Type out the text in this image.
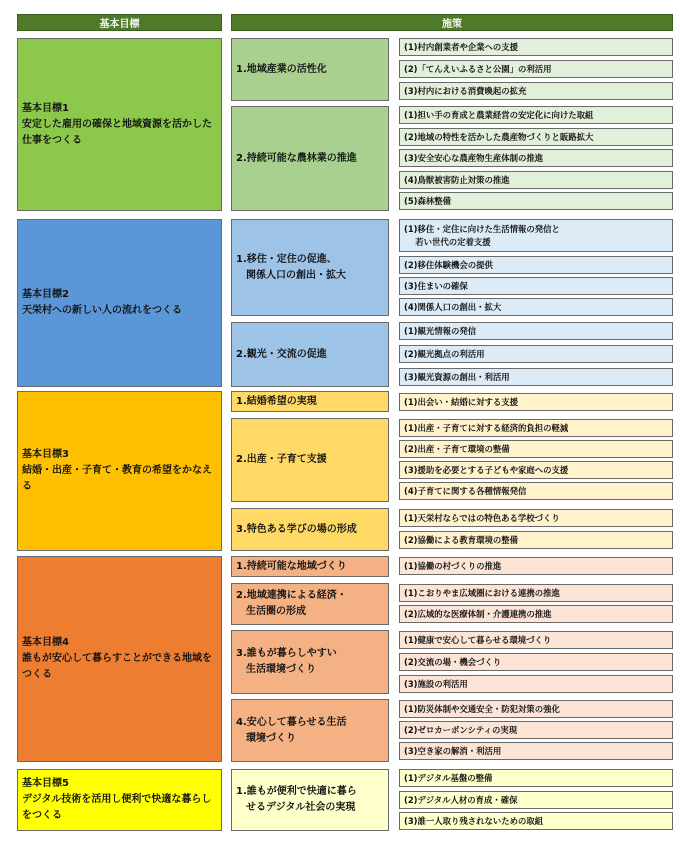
基本目標	施策
基本目標1
安定した雇用の確保と地域資源を活かした仕事をつくる
基本目標2
天栄村への新しい人の流れをつくる
基本目標3
結婚・出産・子育て・教育の希望をかなえる
基本目標4
誰もが安心して暮らすことができる地域をつくる
基本目標5
デジタル技術を活用し便利で快適な暮らしをつくる
1.地域産業の活性化
2.持続可能な農林業の推進
1.移住・定住の促進、
　関係人口の創出・拡大
2.観光・交流の促進
1.結婚希望の実現
2.出産・子育て支援
3.特色ある学びの場の形成
1.持続可能な地域づくり
2.地域連携による経済・
　生活圏の形成
3.誰もが暮らしやすい
　生活環境づくり
4.安心して暮らせる生活
　環境づくり
1.誰もが便利で快適に暮ら
　せるデジタル社会の実現
(1)村内創業者や企業への支援
(2)「てんえいふるさと公園」の利活用
(3)村内における消費喚起の拡充
(1)担い手の育成と農業経営の安定化に向けた取組
(2)地域の特性を活かした農産物づくりと販路拡大
(3)安全安心な農産物生産体制の推進
(4)鳥獣被害防止対策の推進
(5)森林整備
(1)移住・定住に向けた生活情報の発信と
　 若い世代の定着支援
(2)移住体験機会の提供
(3)住まいの確保
(4)関係人口の創出・拡大
(1)観光情報の発信
(2)観光拠点の利活用
(3)観光資源の創出・利活用
(1)出会い・結婚に対する支援
(1)出産・子育てに対する経済的負担の軽減
(2)出産・子育て環境の整備
(3)援助を必要とする子どもや家庭への支援
(4)子育てに関する各種情報発信
(1)天栄村ならではの特色ある学校づくり
(2)協働による教育環境の整備
(1)協働の村づくりの推進
(1)こおりやま広域圏における連携の推進
(2)広域的な医療体制・介護連携の推進
(1)健康で安心して暮らせる環境づくり
(2)交流の場・機会づくり
(3)施設の利活用
(1)防災体制や交通安全・防犯対策の強化
(2)ゼロカーボンシティの実現
(3)空き家の解消・利活用
(1)デジタル基盤の整備
(2)デジタル人材の育成・確保
(3)誰一人取り残されないための取組
